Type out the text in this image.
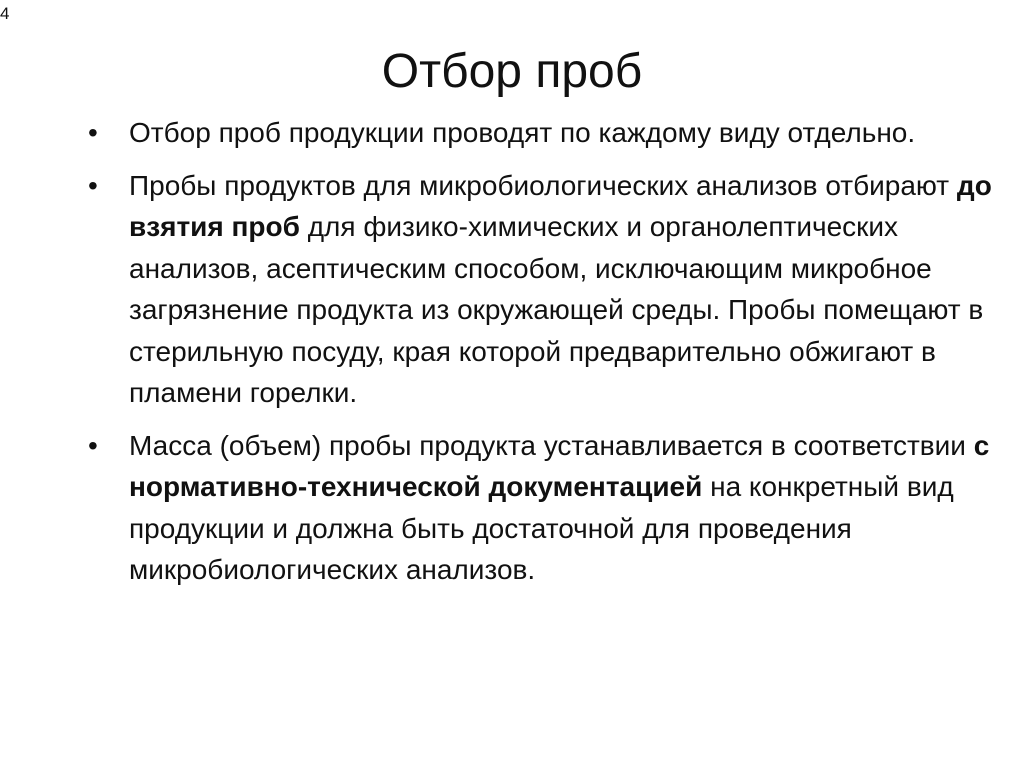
4
Отбор проб
•	Отбор проб продукции проводят по каждому виду отдельно.
•	Пробы продуктов для микробиологических анализов отбирают до взятия проб для физико-химических и органолептических анализов, асептическим способом, исключающим микробное загрязнение продукта из окружающей среды. Пробы помещают в стерильную посуду, края которой предварительно обжигают в пламени горелки.
•	Масса (объем) пробы продукта устанавливается в соответствии с нормативно-технической документацией на конкретный вид продукции и должна быть достаточной для проведения микробиологических анализов.
